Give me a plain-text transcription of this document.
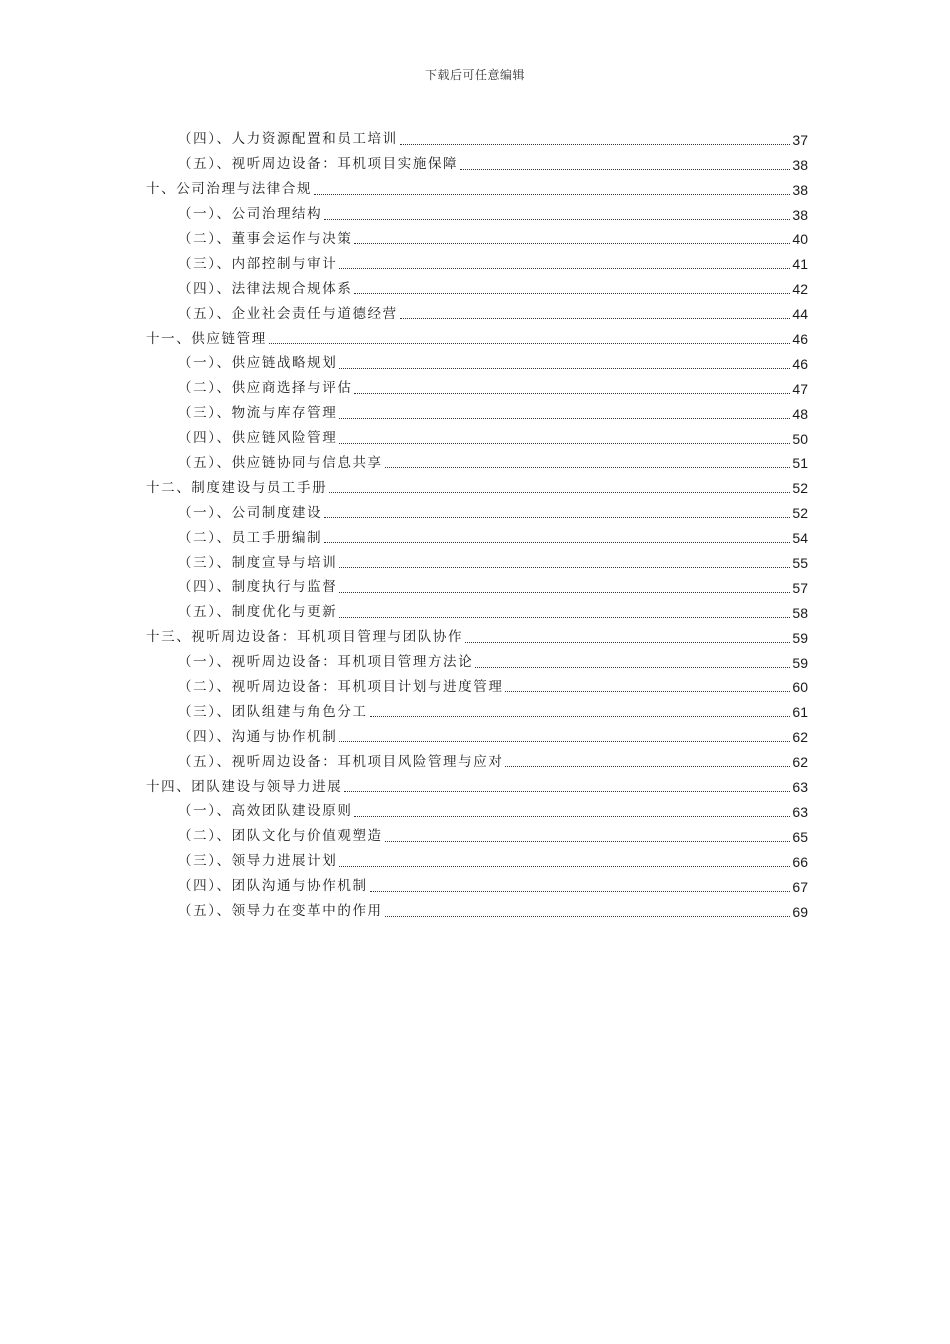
下载后可任意编辑
（四）、人力资源配置和员工培训	37
（五）、视听周边设备：耳机项目实施保障	38
十、公司治理与法律合规	38
（一）、公司治理结构	38
（二）、董事会运作与决策	40
（三）、内部控制与审计	41
（四）、法律法规合规体系	42
（五）、企业社会责任与道德经营	44
十一、供应链管理	46
（一）、供应链战略规划	46
（二）、供应商选择与评估	47
（三）、物流与库存管理	48
（四）、供应链风险管理	50
（五）、供应链协同与信息共享	51
十二、制度建设与员工手册	52
（一）、公司制度建设	52
（二）、员工手册编制	54
（三）、制度宣导与培训	55
（四）、制度执行与监督	57
（五）、制度优化与更新	58
十三、视听周边设备：耳机项目管理与团队协作	59
（一）、视听周边设备：耳机项目管理方法论	59
（二）、视听周边设备：耳机项目计划与进度管理	60
（三）、团队组建与角色分工	61
（四）、沟通与协作机制	62
（五）、视听周边设备：耳机项目风险管理与应对	62
十四、团队建设与领导力进展	63
（一）、高效团队建设原则	63
（二）、团队文化与价值观塑造	65
（三）、领导力进展计划	66
（四）、团队沟通与协作机制	67
（五）、领导力在变革中的作用	69
